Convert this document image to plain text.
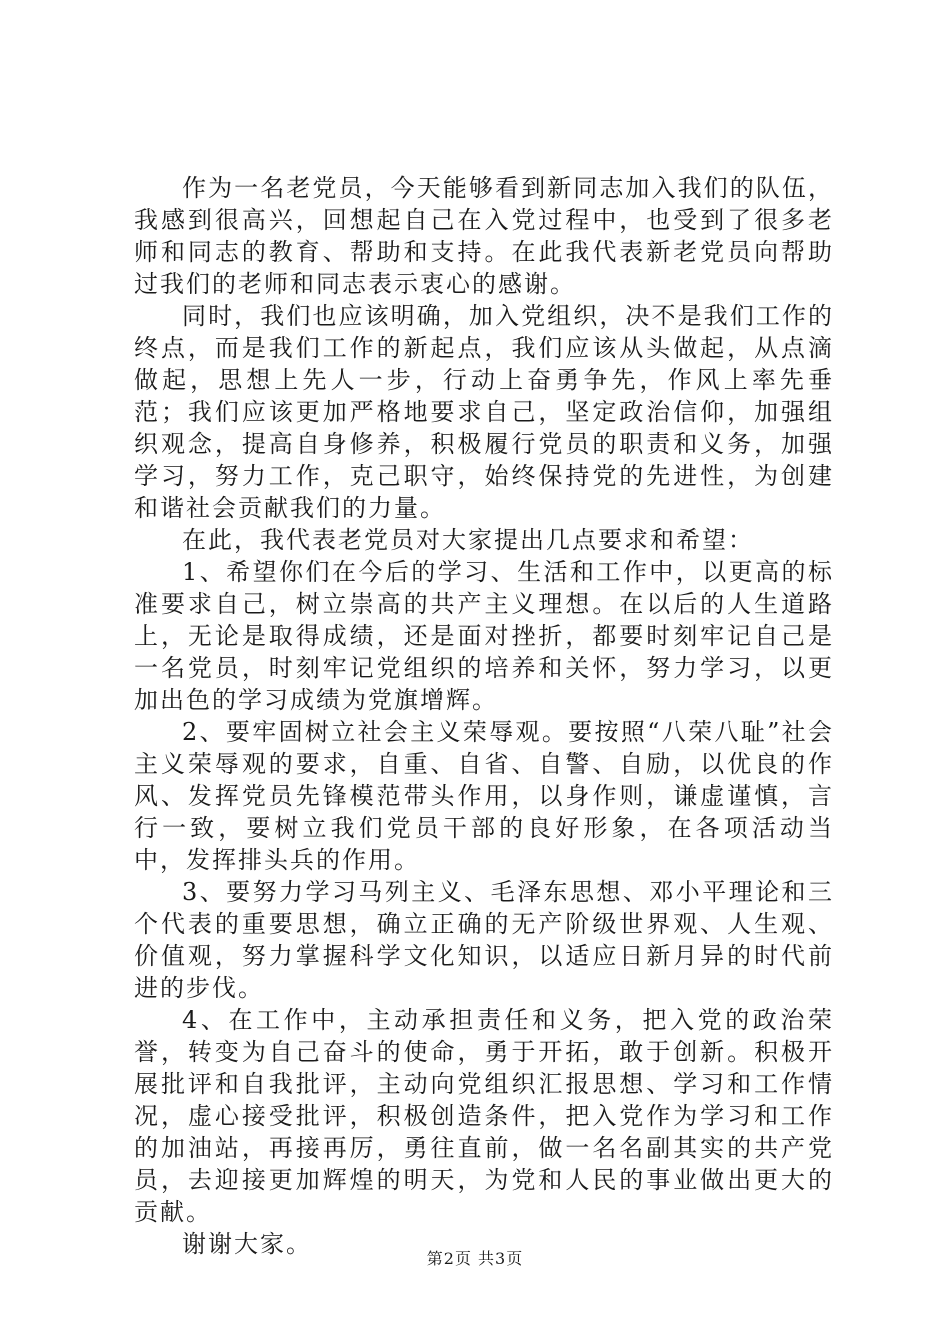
作为一名老党员，今天能够看到新同志加入我们的队伍，我感到很高兴，回想起自己在入党过程中，也受到了很多老师和同志的教育、帮助和支持。在此我代表新老党员向帮助过我们的老师和同志表示衷心的感谢。

同时，我们也应该明确，加入党组织，决不是我们工作的终点，而是我们工作的新起点，我们应该从头做起，从点滴做起，思想上先人一步，行动上奋勇争先，作风上率先垂范；我们应该更加严格地要求自己，坚定政治信仰，加强组织观念，提高自身修养，积极履行党员的职责和义务，加强学习，努力工作，克己职守，始终保持党的先进性，为创建和谐社会贡献我们的力量。

在此，我代表老党员对大家提出几点要求和希望：

1、希望你们在今后的学习、生活和工作中，以更高的标准要求自己，树立崇高的共产主义理想。在以后的人生道路上，无论是取得成绩，还是面对挫折，都要时刻牢记自己是一名党员，时刻牢记党组织的培养和关怀，努力学习，以更加出色的学习成绩为党旗增辉。

2、要牢固树立社会主义荣辱观。要按照“八荣八耻”社会主义荣辱观的要求，自重、自省、自警、自励，以优良的作风、发挥党员先锋模范带头作用，以身作则，谦虚谨慎，言行一致，要树立我们党员干部的良好形象，在各项活动当中，发挥排头兵的作用。

3、要努力学习马列主义、毛泽东思想、邓小平理论和三个代表的重要思想，确立正确的无产阶级世界观、人生观、价值观，努力掌握科学文化知识，以适应日新月异的时代前进的步伐。

4、在工作中，主动承担责任和义务，把入党的政治荣誉，转变为自己奋斗的使命，勇于开拓，敢于创新。积极开展批评和自我批评，主动向党组织汇报思想、学习和工作情况，虚心接受批评，积极创造条件，把入党作为学习和工作的加油站，再接再厉，勇往直前，做一名名副其实的共产党员，去迎接更加辉煌的明天，为党和人民的事业做出更大的贡献。

谢谢大家。

第2页 共3页
